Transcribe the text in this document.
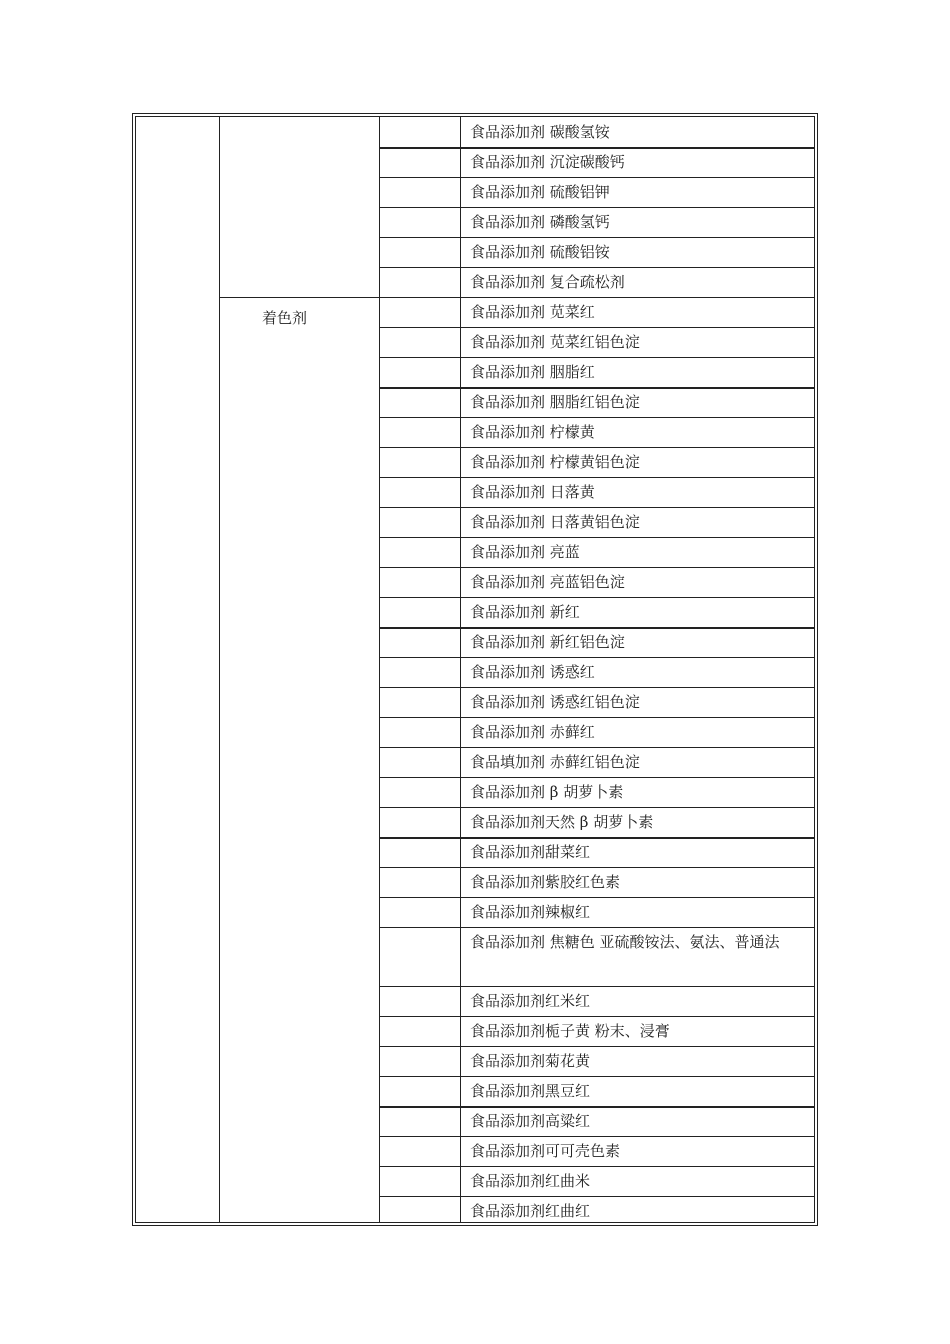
着色剂
食品添加剂 碳酸氢铵
食品添加剂 沉淀碳酸钙
食品添加剂 硫酸铝钾
食品添加剂 磷酸氢钙
食品添加剂 硫酸铝铵
食品添加剂 复合疏松剂
食品添加剂 苋菜红
食品添加剂 苋菜红铝色淀
食品添加剂 胭脂红
食品添加剂 胭脂红铝色淀
食品添加剂 柠檬黄
食品添加剂 柠檬黄铝色淀
食品添加剂 日落黄
食品添加剂 日落黄铝色淀
食品添加剂 亮蓝
食品添加剂 亮蓝铝色淀
食品添加剂 新红
食品添加剂 新红铝色淀
食品添加剂 诱惑红
食品添加剂 诱惑红铝色淀
食品添加剂 赤藓红
食品填加剂 赤藓红铝色淀
食品添加剂 β 胡萝卜素
食品添加剂天然 β 胡萝卜素
食品添加剂甜菜红
食品添加剂紫胶红色素
食品添加剂辣椒红
食品添加剂 焦糖色 亚硫酸铵法、氨法、普通法
食品添加剂红米红
食品添加剂栀子黄 粉末、浸膏
食品添加剂菊花黄
食品添加剂黑豆红
食品添加剂高粱红
食品添加剂可可壳色素
食品添加剂红曲米
食品添加剂红曲红
